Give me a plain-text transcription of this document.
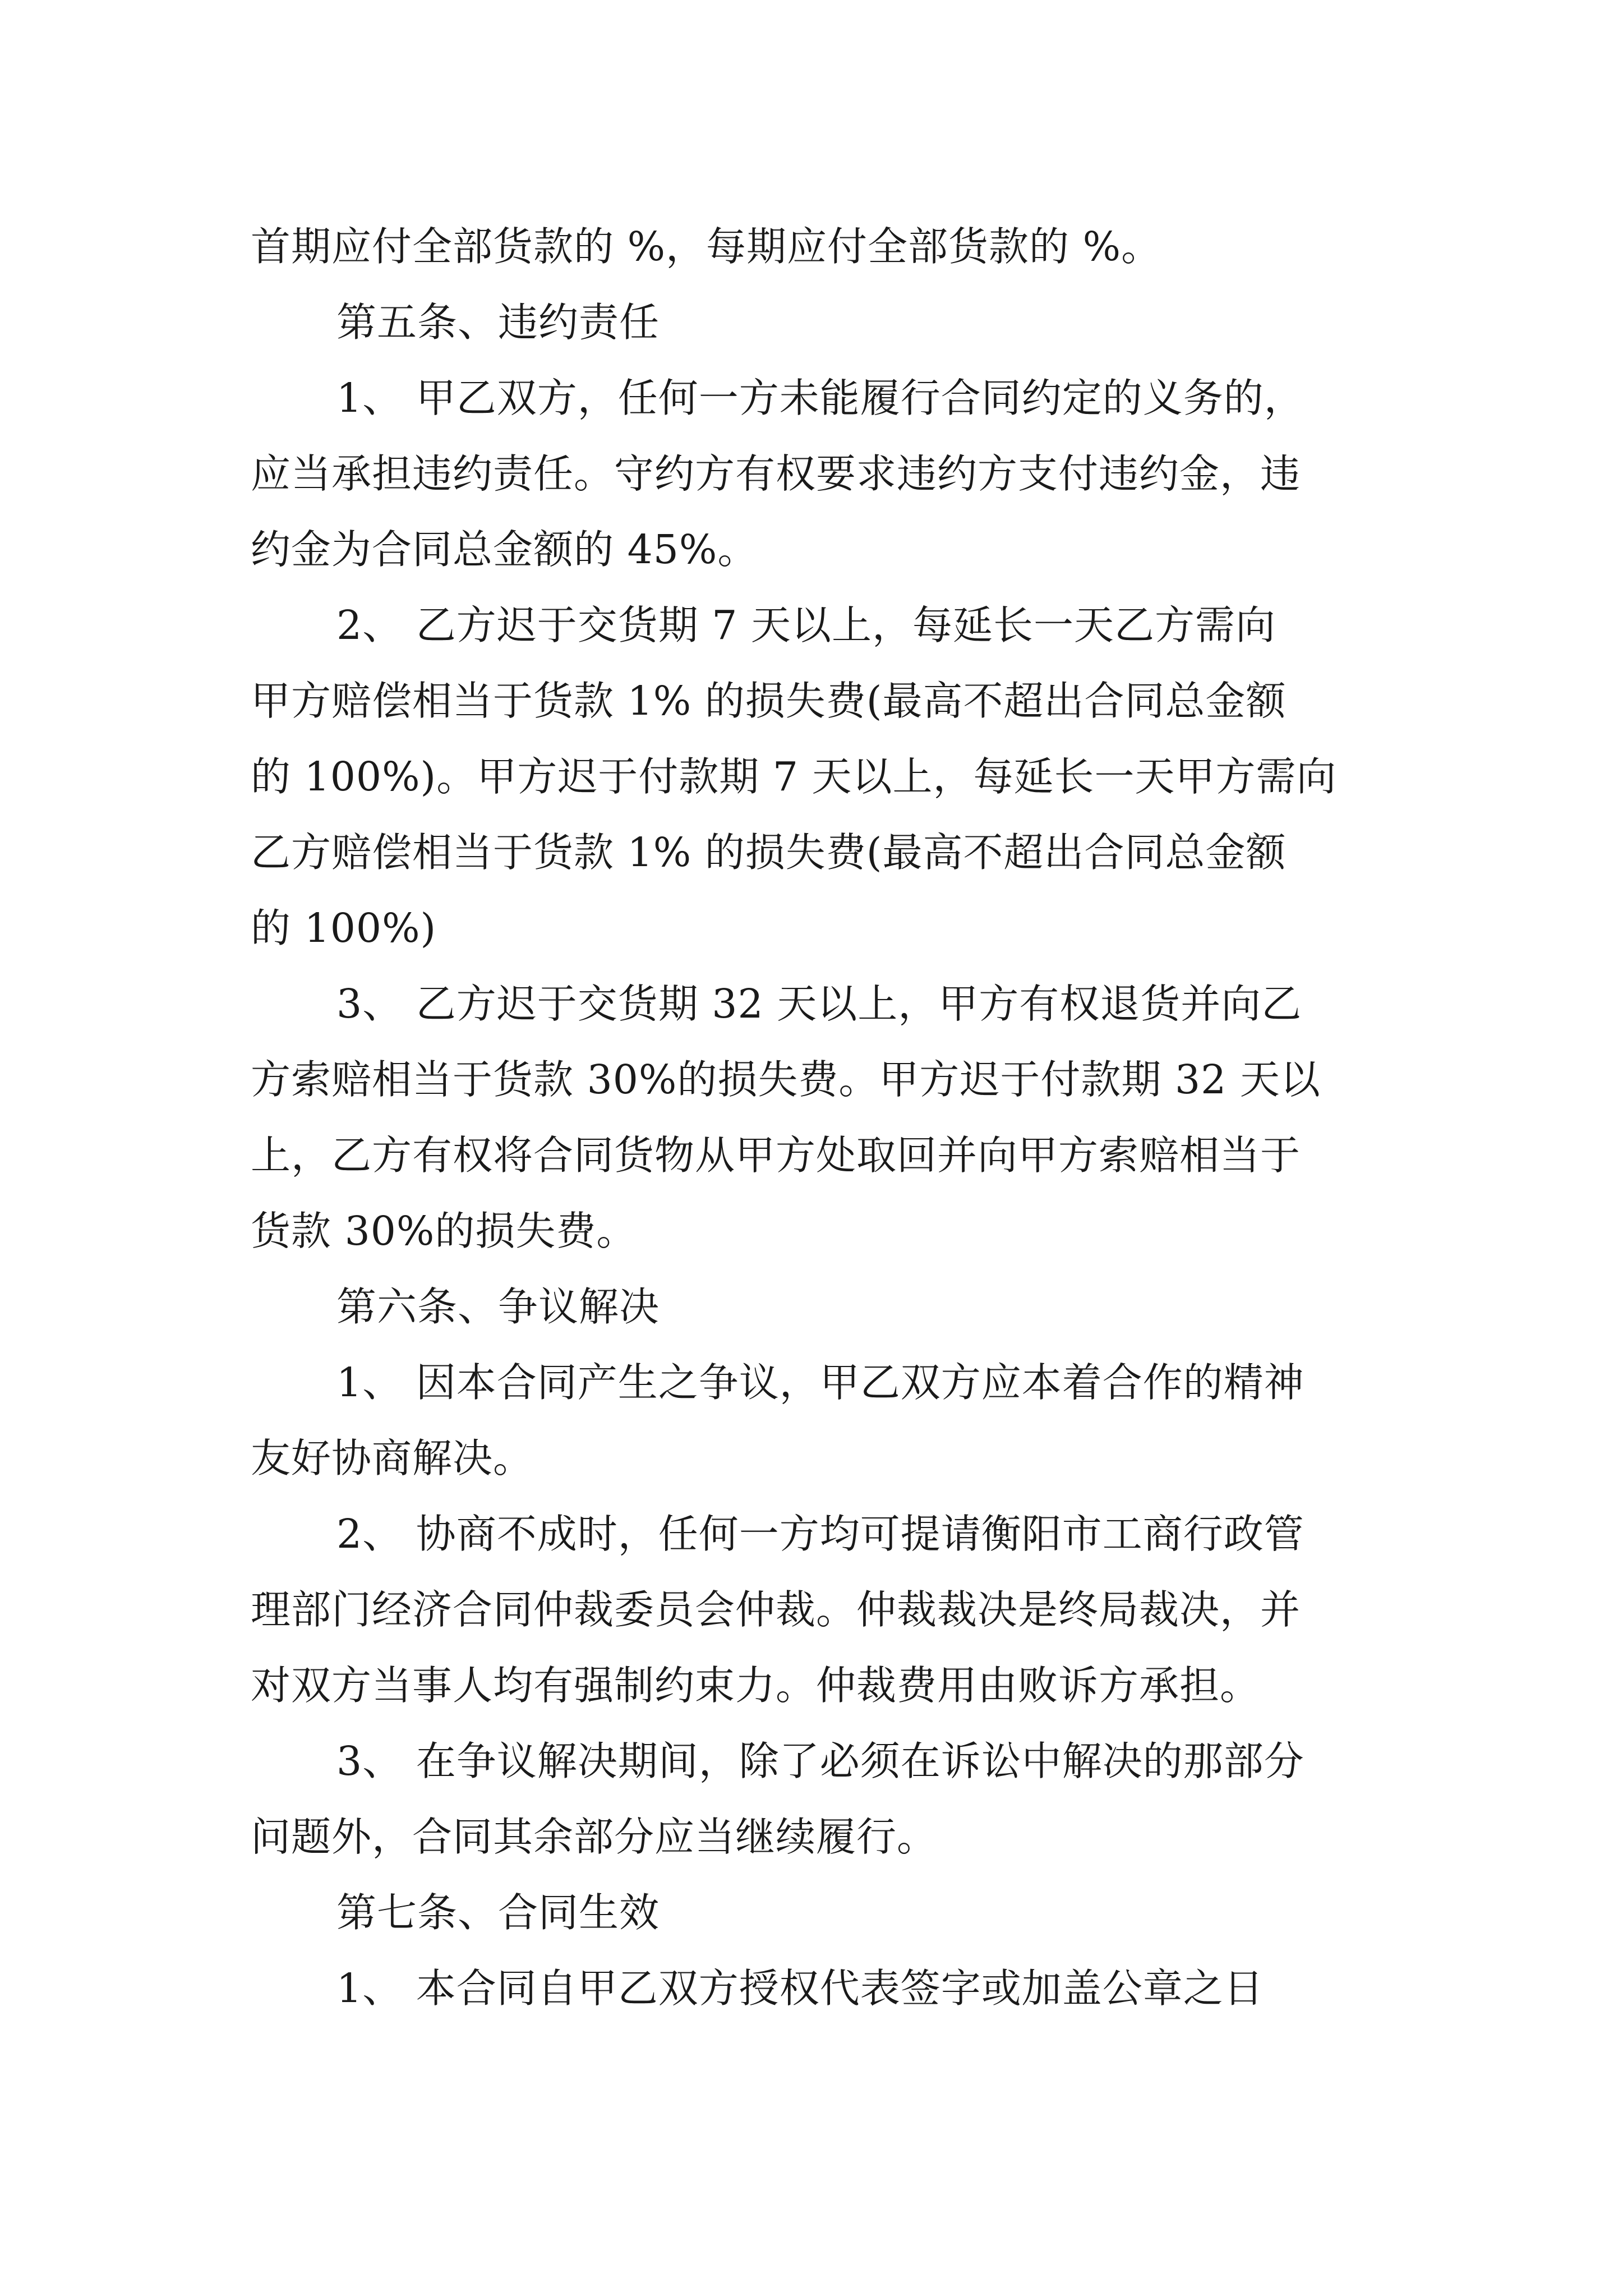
首期应付全部货款的 %，每期应付全部货款的 %。

第五条、违约责任

1、 甲乙双方，任何一方未能履行合同约定的义务的，

应当承担违约责任。守约方有权要求违约方支付违约金，违

约金为合同总金额的 45%。

2、 乙方迟于交货期 7 天以上，每延长一天乙方需向

甲方赔偿相当于货款 1% 的损失费(最高不超出合同总金额

的 100%)。甲方迟于付款期 7 天以上，每延长一天甲方需向

乙方赔偿相当于货款 1% 的损失费(最高不超出合同总金额

的 100%)

3、 乙方迟于交货期 32 天以上，甲方有权退货并向乙

方索赔相当于货款 30%的损失费。甲方迟于付款期 32 天以

上，乙方有权将合同货物从甲方处取回并向甲方索赔相当于

货款 30%的损失费。

第六条、争议解决

1、 因本合同产生之争议，甲乙双方应本着合作的精神

友好协商解决。

2、 协商不成时，任何一方均可提请衡阳市工商行政管

理部门经济合同仲裁委员会仲裁。仲裁裁决是终局裁决，并

对双方当事人均有强制约束力。仲裁费用由败诉方承担。

3、 在争议解决期间，除了必须在诉讼中解决的那部分

问题外，合同其余部分应当继续履行。

第七条、合同生效

1、 本合同自甲乙双方授权代表签字或加盖公章之日
